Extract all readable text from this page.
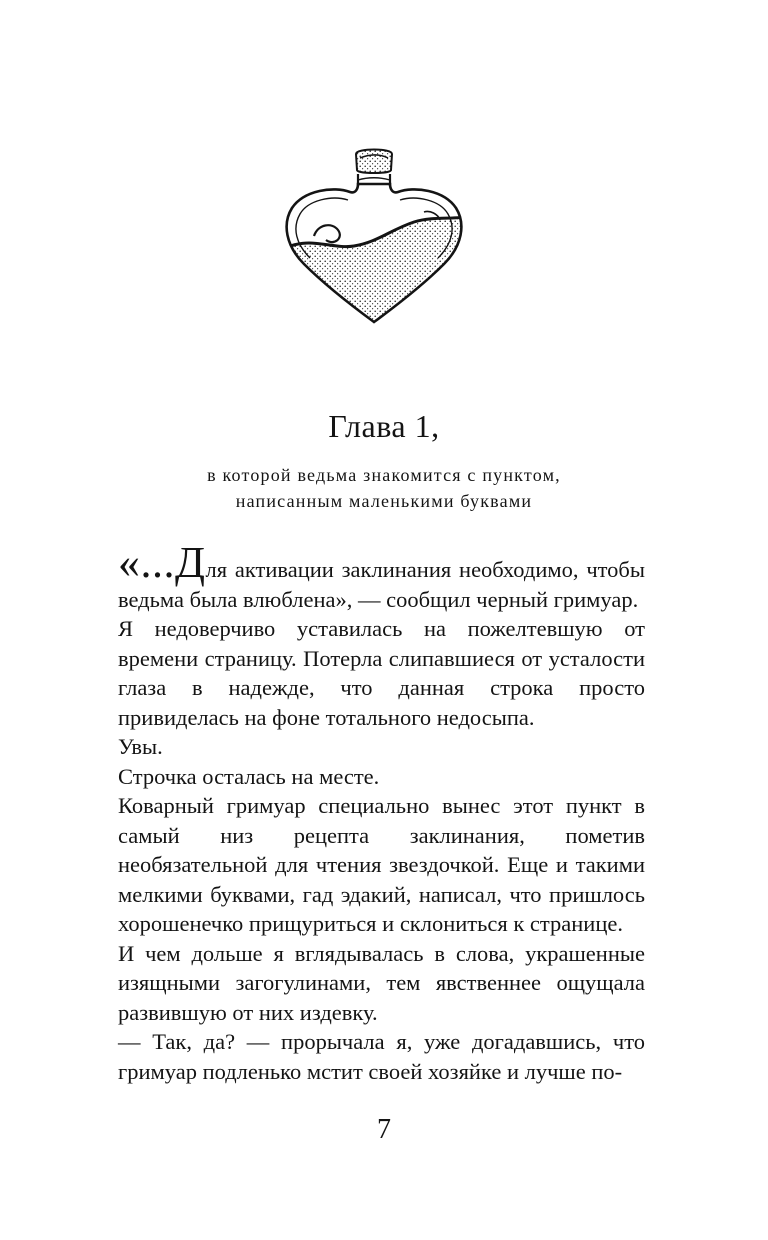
Глава 1,
в которой ведьма знакомится с пунктом,
написанным маленькими буквами

«...Для активации заклинания необходимо, чтобы ведьма была влюблена», — сообщил черный гримуар.

Я недоверчиво уставилась на пожелтевшую от времени страницу. Потерла слипавшиеся от усталости глаза в надежде, что данная строка просто привиделась на фоне тотального недосыпа.

Увы.

Строчка осталась на месте.

Коварный гримуар специально вынес этот пункт в самый низ рецепта заклинания, пометив необязательной для чтения звездочкой. Еще и такими мелкими буквами, гад эдакий, написал, что пришлось хорошенечко прищуриться и склониться к странице.

И чем дольше я вглядывалась в слова, украшенные изящными загогулинами, тем явственнее ощущала развившую от них издевку.

— Так, да? — прорычала я, уже догадавшись, что гримуар подленько мстит своей хозяйке и лучше по-

7
